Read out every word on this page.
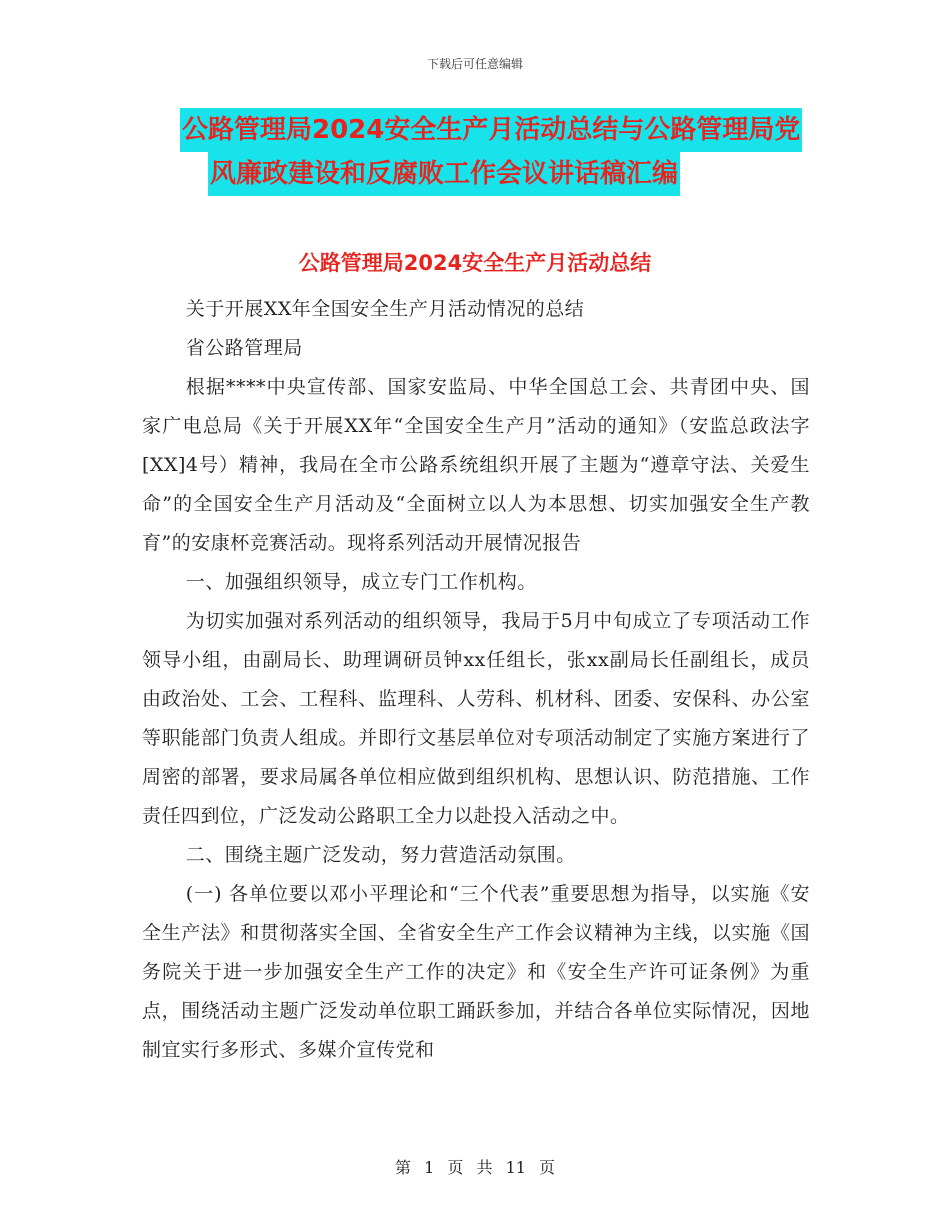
下载后可任意编辑
公路管理局2024安全生产月活动总结与公路管理局党
风廉政建设和反腐败工作会议讲话稿汇编
公路管理局2024安全生产月活动总结

关于开展XX年全国安全生产月活动情况的总结

省公路管理局

根据****中央宣传部、国家安监局、中华全国总工会、共青团中央、国家广电总局《关于开展XX年“全国安全生产月”活动的通知》（安监总政法字[XX]4号）精神，我局在全市公路系统组织开展了主题为“遵章守法、关爱生命”的全国安全生产月活动及“全面树立以人为本思想、切实加强安全生产教育”的安康杯竞赛活动。现将系列活动开展情况报告

一、加强组织领导，成立专门工作机构。

为切实加强对系列活动的组织领导，我局于5月中旬成立了专项活动工作领导小组，由副局长、助理调研员钟xx任组长，张xx副局长任副组长，成员由政治处、工会、工程科、监理科、人劳科、机材科、团委、安保科、办公室等职能部门负责人组成。并即行文基层单位对专项活动制定了实施方案进行了周密的部署，要求局属各单位相应做到组织机构、思想认识、防范措施、工作责任四到位，广泛发动公路职工全力以赴投入活动之中。

二、围绕主题广泛发动，努力营造活动氛围。

(一) 各单位要以邓小平理论和“三个代表”重要思想为指导，以实施《安全生产法》和贯彻落实全国、全省安全生产工作会议精神为主线，以实施《国务院关于进一步加强安全生产工作的决定》和《安全生产许可证条例》为重点，围绕活动主题广泛发动单位职工踊跃参加，并结合各单位实际情况，因地制宜实行多形式、多媒介宣传党和

第 1 页 共 11 页
